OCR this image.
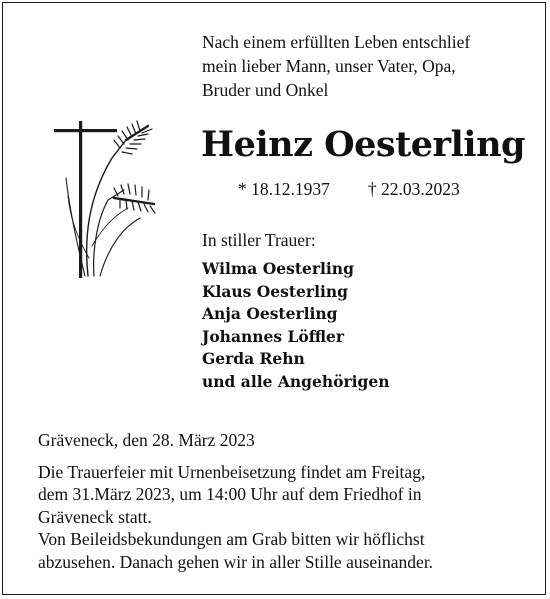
Nach einem erfüllten Leben entschlief
mein lieber Mann, unser Vater, Opa,
Bruder und Onkel
Heinz Oesterling
* 18.12.1937 † 22.03.2023
In stiller Trauer:
Wilma Oesterling
Klaus Oesterling
Anja Oesterling
Johannes Löffler
Gerda Rehn
und alle Angehörigen
Gräveneck, den 28. März 2023
Die Trauerfeier mit Urnenbeisetzung findet am Freitag,
dem 31.März 2023, um 14:00 Uhr auf dem Friedhof in
Gräveneck statt.
Von Beileidsbekundungen am Grab bitten wir höflichst
abzusehen. Danach gehen wir in aller Stille auseinander.
